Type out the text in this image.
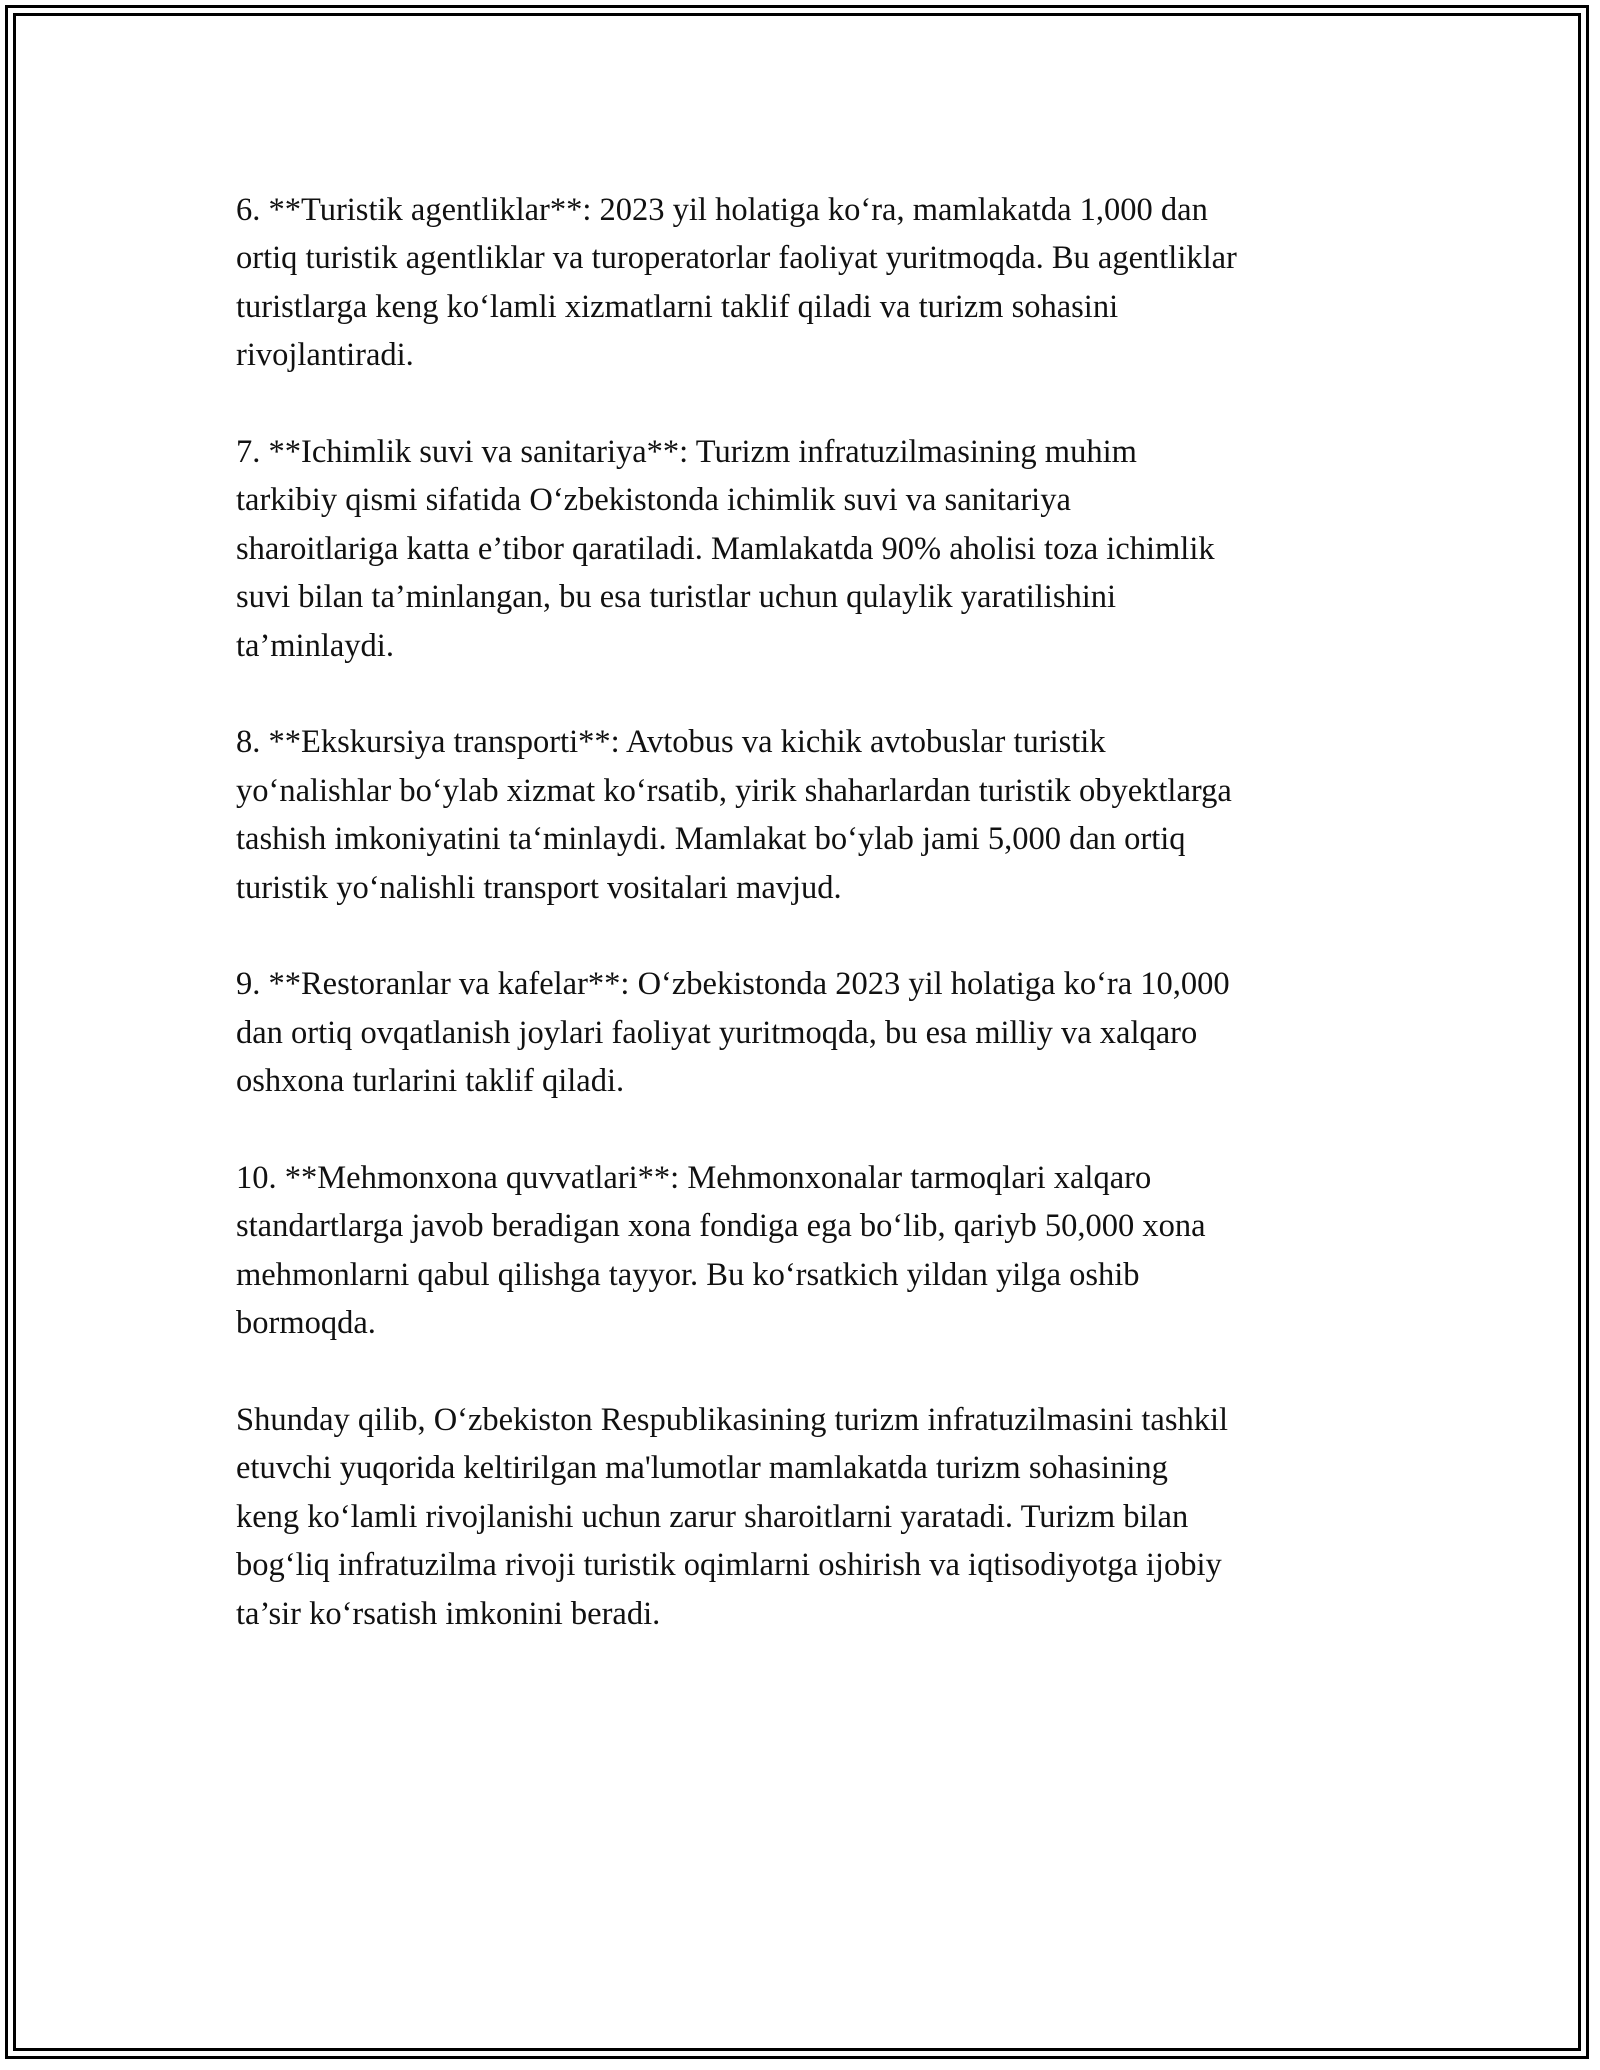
6. **Turistik agentliklar**: 2023 yil holatiga ko‘ra, mamlakatda 1,000 dan
ortiq turistik agentliklar va turoperatorlar faoliyat yuritmoqda. Bu agentliklar
turistlarga keng ko‘lamli xizmatlarni taklif qiladi va turizm sohasini
rivojlantiradi.

7. **Ichimlik suvi va sanitariya**: Turizm infratuzilmasining muhim
tarkibiy qismi sifatida O‘zbekistonda ichimlik suvi va sanitariya
sharoitlariga katta e’tibor qaratiladi. Mamlakatda 90% aholisi toza ichimlik
suvi bilan ta’minlangan, bu esa turistlar uchun qulaylik yaratilishini
ta’minlaydi.

8. **Ekskursiya transporti**: Avtobus va kichik avtobuslar turistik
yo‘nalishlar bo‘ylab xizmat ko‘rsatib, yirik shaharlardan turistik obyektlarga
tashish imkoniyatini ta‘minlaydi. Mamlakat bo‘ylab jami 5,000 dan ortiq
turistik yo‘nalishli transport vositalari mavjud.

9. **Restoranlar va kafelar**: O‘zbekistonda 2023 yil holatiga ko‘ra 10,000
dan ortiq ovqatlanish joylari faoliyat yuritmoqda, bu esa milliy va xalqaro
oshxona turlarini taklif qiladi.

10. **Mehmonxona quvvatlari**: Mehmonxonalar tarmoqlari xalqaro
standartlarga javob beradigan xona fondiga ega bo‘lib, qariyb 50,000 xona
mehmonlarni qabul qilishga tayyor. Bu ko‘rsatkich yildan yilga oshib
bormoqda.

Shunday qilib, O‘zbekiston Respublikasining turizm infratuzilmasini tashkil
etuvchi yuqorida keltirilgan ma'lumotlar mamlakatda turizm sohasining
keng ko‘lamli rivojlanishi uchun zarur sharoitlarni yaratadi. Turizm bilan
bog‘liq infratuzilma rivoji turistik oqimlarni oshirish va iqtisodiyotga ijobiy
ta’sir ko‘rsatish imkonini beradi.
